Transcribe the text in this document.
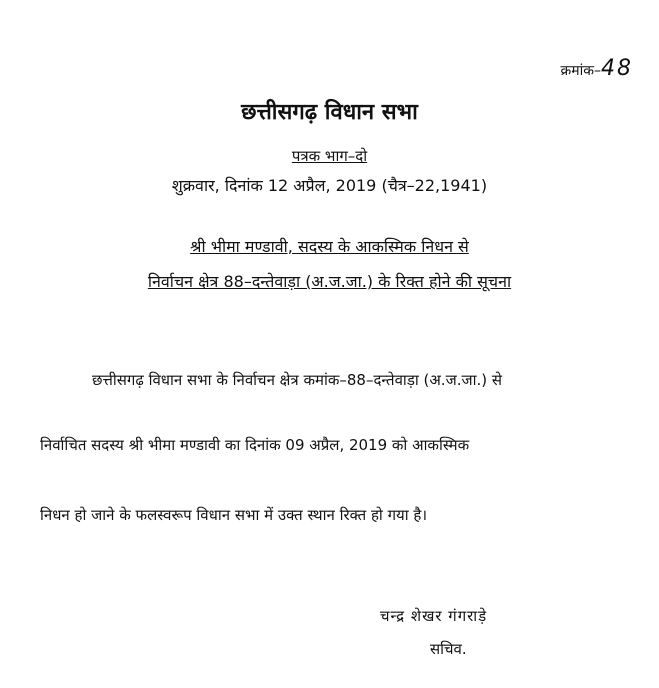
क्रमांक–48
छत्तीसगढ़ विधान सभा
पत्रक भाग–दो
शुक्रवार, दिनांक 12 अप्रैल, 2019 (चैत्र–22,1941)
श्री भीमा मण्डावी, सदस्य के आकस्मिक निधन से
निर्वाचन क्षेत्र 88–दन्तेवाड़ा (अ.ज.जा.) के रिक्त होने की सूचना
छत्तीसगढ़ विधान सभा के निर्वाचन क्षेत्र कमांक–88–दन्तेवाड़ा (अ.ज.जा.) से
निर्वाचित सदस्य श्री भीमा मण्डावी का दिनांक 09 अप्रैल, 2019 को आकस्मिक
निधन हो जाने के फलस्वरूप विधान सभा में उक्त स्थान रिक्त हो गया है।
चन्द्र शेखर गंगराड़े
सचिव.
